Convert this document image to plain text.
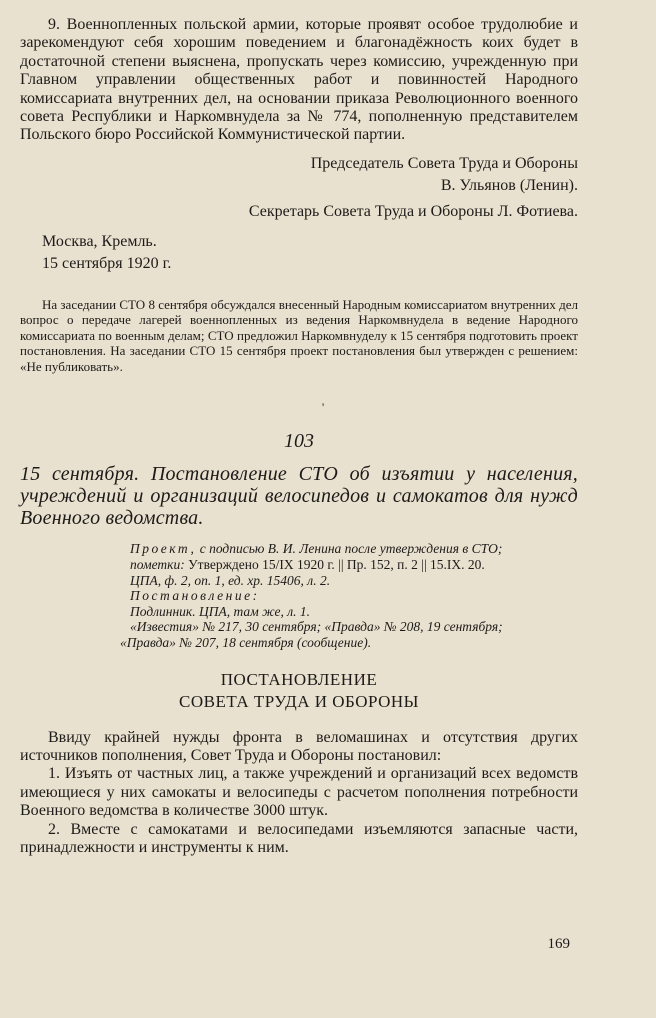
9. Военнопленных польской армии, которые проявят особое трудолюбие и зарекомендуют себя хорошим поведением и благонадёжность коих будет в достаточной степени выяснена, пропускать через комиссию, учрежденную при Главном управлении общественных работ и повинностей Народного комиссариата внутренних дел, на основании приказа Революционного военного совета Республики и Наркомвнудела за № 774, пополненную представителем Польского бюро Российской Коммунистической партии.

Председатель Совета Труда и Обороны

В. Ульянов (Ленин).

Секретарь Совета Труда и Обороны Л. Фотиева.

Москва, Кремль.

15 сентября 1920 г.

На заседании СТО 8 сентября обсуждался внесенный Народным комиссариатом внутренних дел вопрос о передаче лагерей военнопленных из ведения Наркомвнудела в ведение Народного комиссариата по военным делам; СТО предложил Наркомвнуделу к 15 сентября подготовить проект постановления. На заседании СТО 15 сентября проект постановления был утвержден с решением: «Не публиковать».

103

15 сентября. Постановление СТО об изъятии у населения, учреждений и организаций велосипедов и самокатов для нужд Военного ведомства.

Проект, с подписью В. И. Ленина после утверждения в СТО;

пометки: Утверждено 15/IX 1920 г. || Пр. 152, п. 2 || 15.IX. 20.

ЦПА, ф. 2, оп. 1, ед. хр. 15406, л. 2.

Постановление:

Подлинник. ЦПА, там же, л. 1.

«Известия» № 217, 30 сентября; «Правда» № 208, 19 сентября;

«Правда» № 207, 18 сентября (сообщение).

ПОСТАНОВЛЕНИЕ

СОВЕТА ТРУДА И ОБОРОНЫ

Ввиду крайней нужды фронта в веломашинах и отсутствия других источников пополнения, Совет Труда и Обороны постановил:

1. Изъять от частных лиц, а также учреждений и организаций всех ведомств имеющиеся у них самокаты и велосипеды с расчетом пополнения потребности Военного ведомства в количестве 3000 штук.

2. Вместе с самокатами и велосипедами изъемляются запасные части, принадлежности и инструменты к ним.

'
169
